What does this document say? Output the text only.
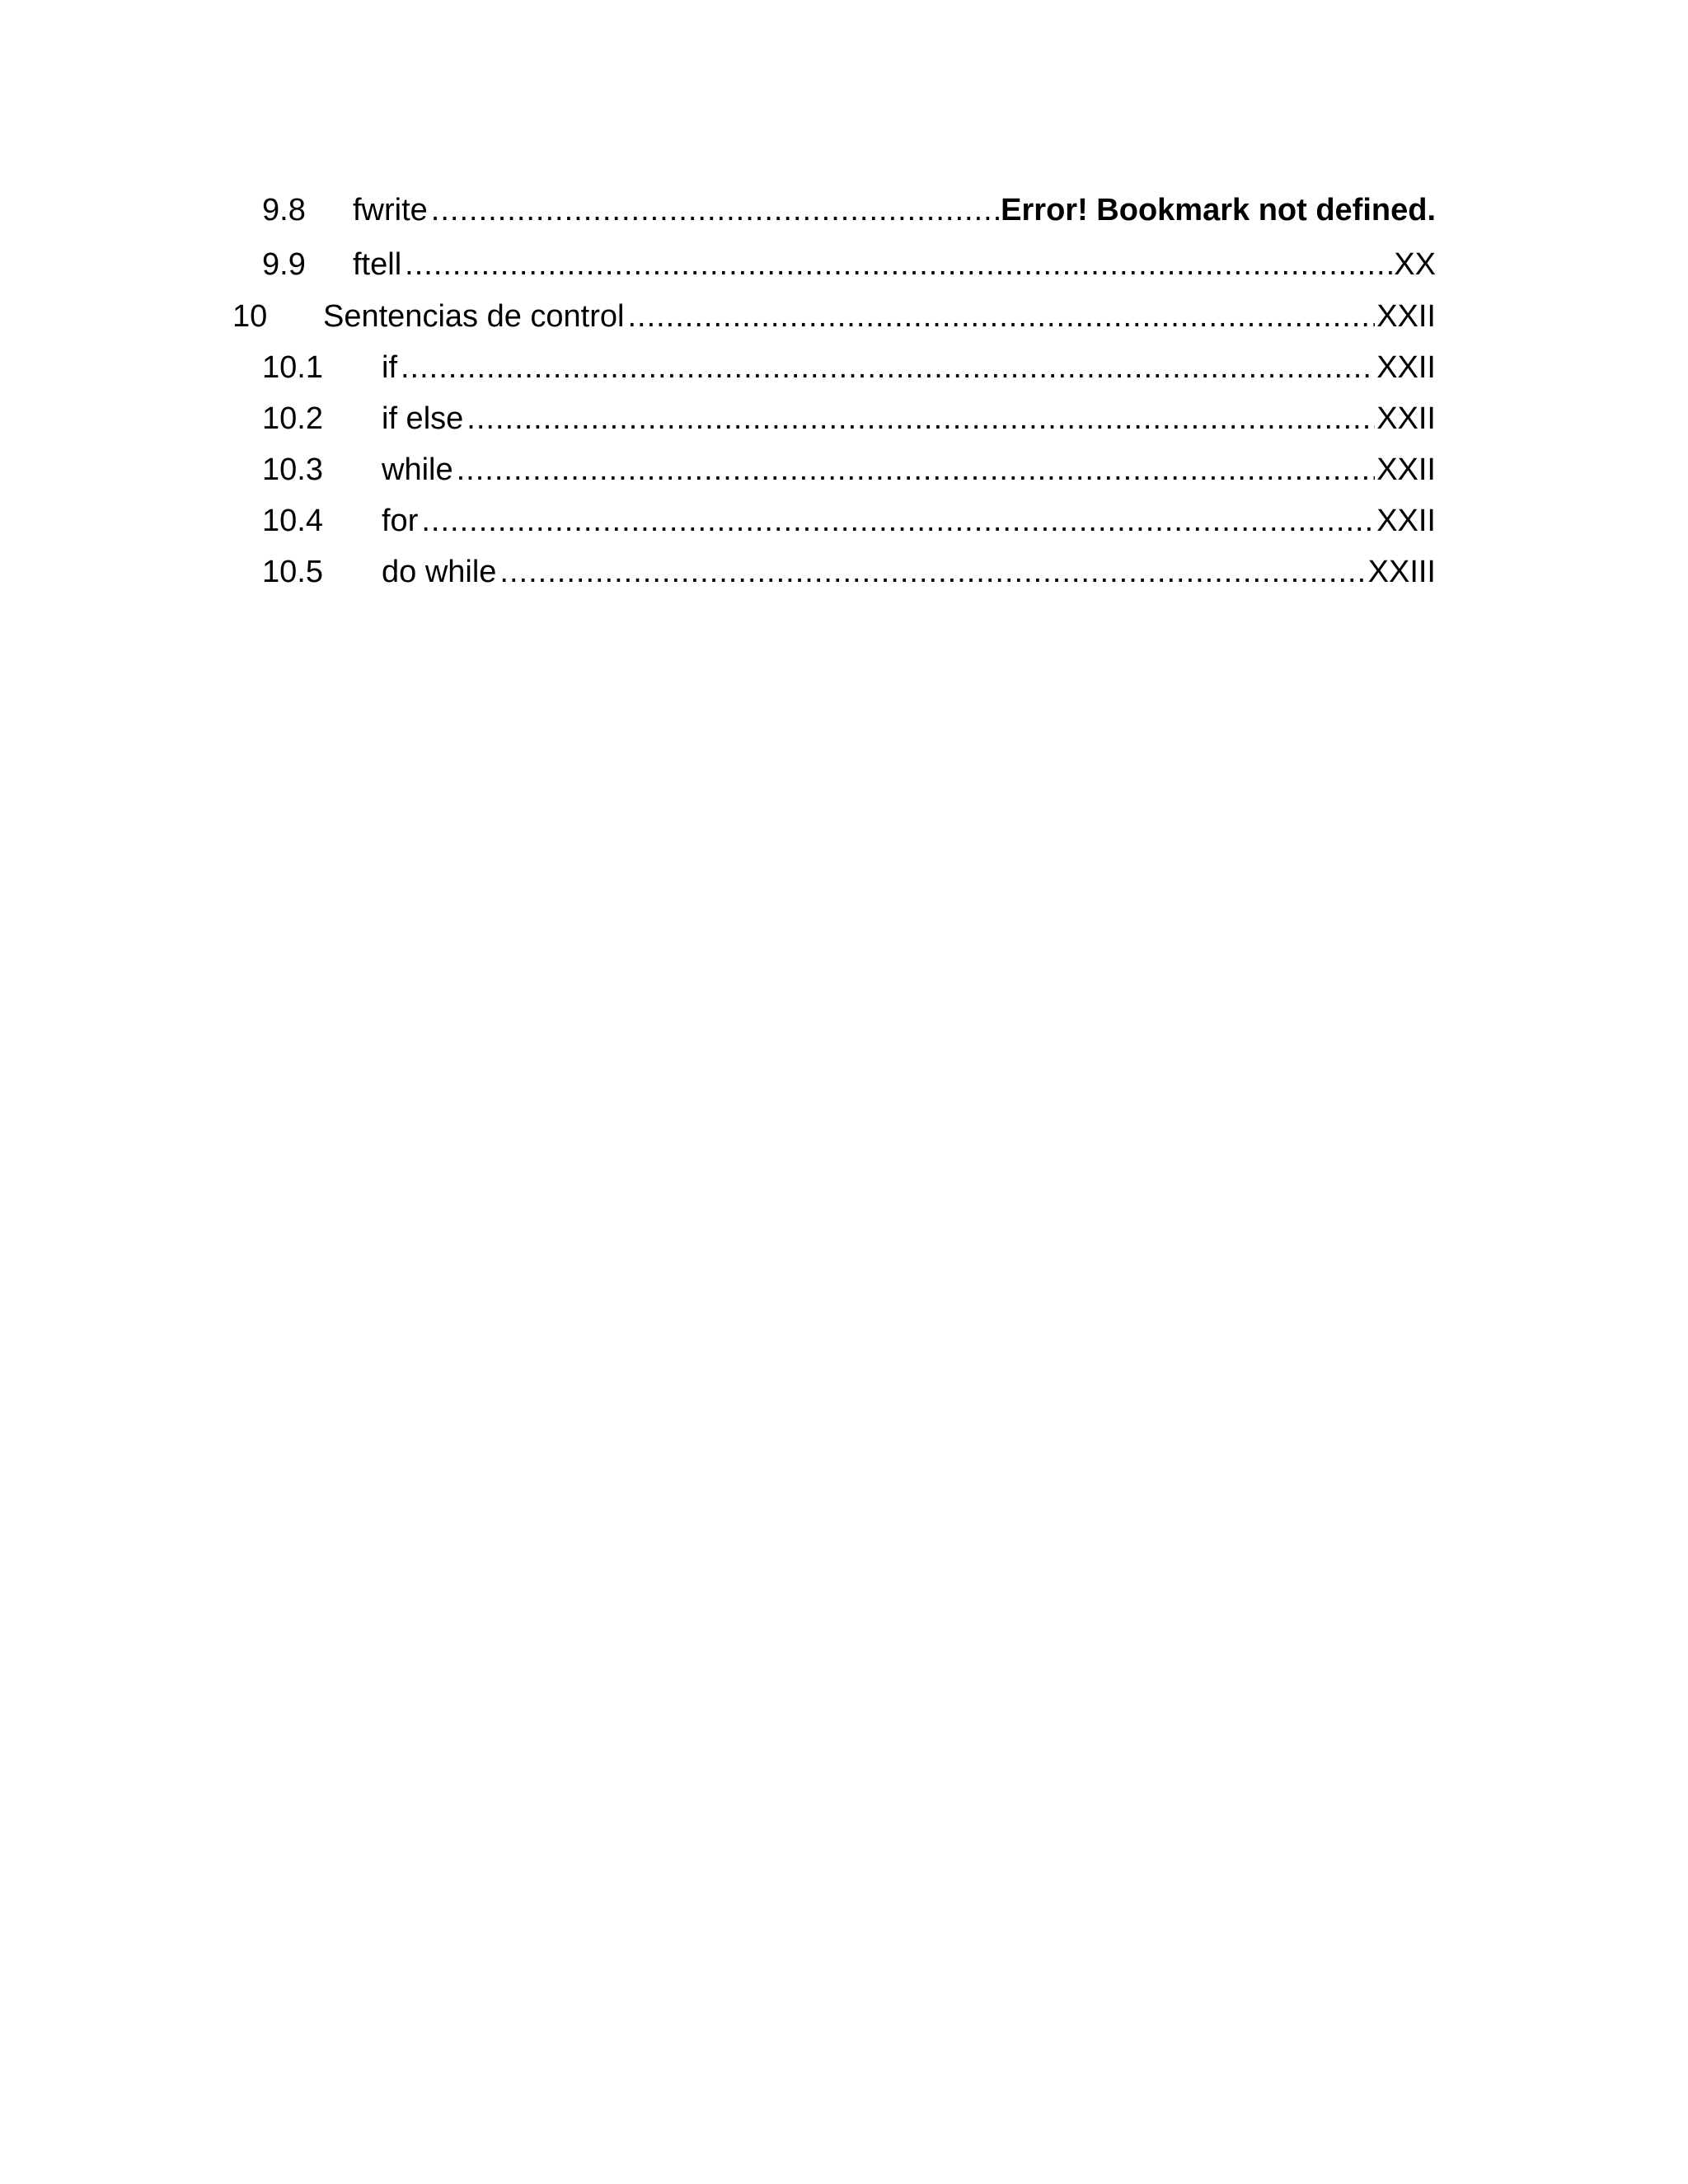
9.8 fwrite .....	Error! Bookmark not defined.
9.9 ftell .....	XX
10 Sentencias de control .....	XXII
10.1 if .....	XXII
10.2 if else .....	XXII
10.3 while .....	XXII
10.4 for .....	XXII
10.5 do while .....	XXIII
